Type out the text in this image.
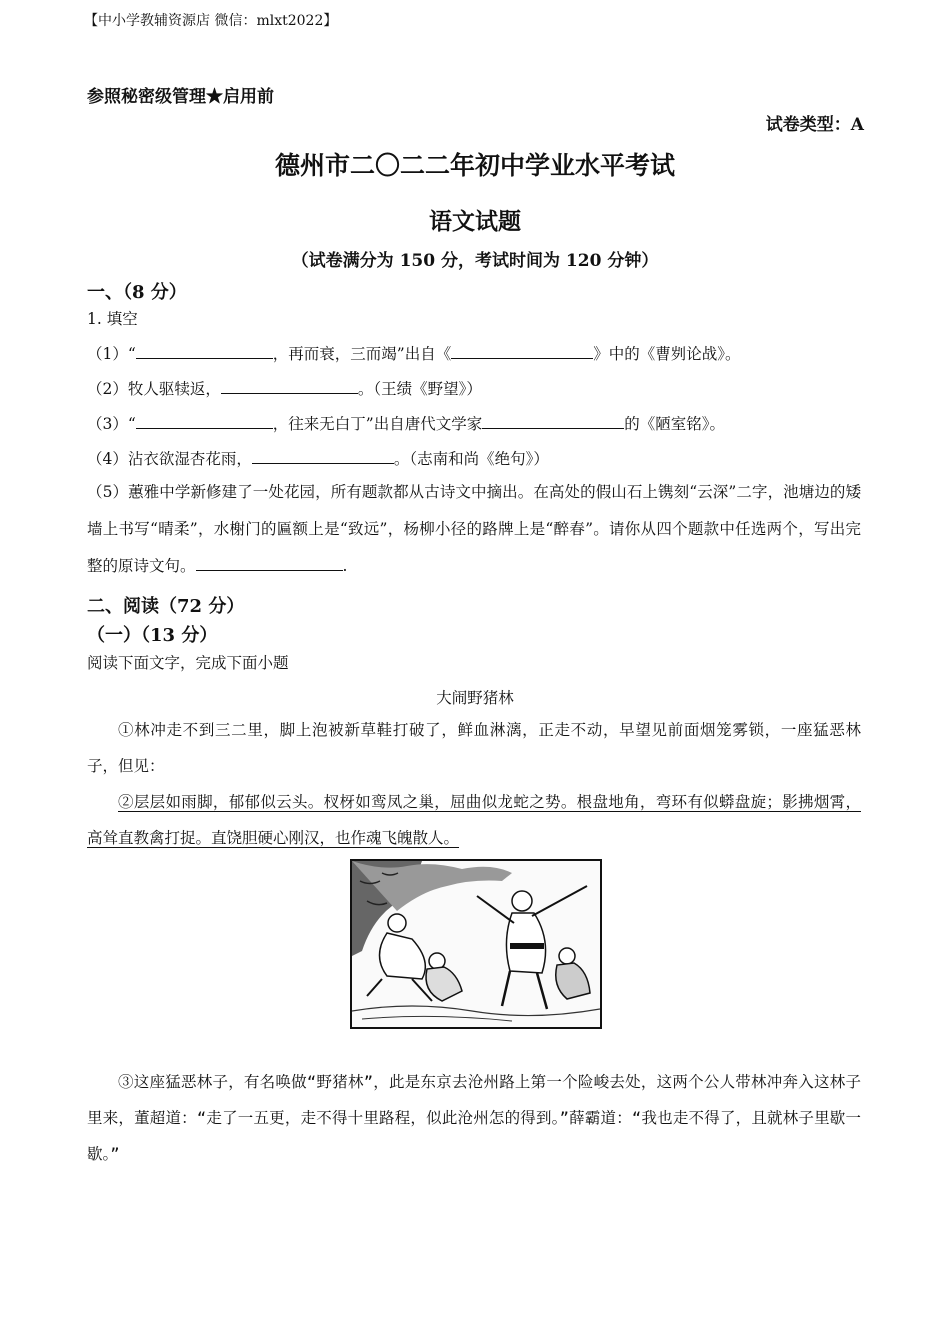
【中小学教辅资源店 微信：mlxt2022】
参照秘密级管理★启用前
试卷类型：A
德州市二〇二二年初中学业水平考试
语文试题
（试卷满分为 150 分，考试时间为 120 分钟）
一、（8 分）
1. 填空
（1）“	，再而衰，三而竭”出自《	》中的《曹刿论战》。
（2）牧人驱犊返，	。（王绩《野望》）
（3）“	，往来无白丁”出自唐代文学家	的《陋室铭》。
（4）沾衣欲湿杏花雨，	。（志南和尚《绝句》）
（5）蕙雅中学新修建了一处花园，所有题款都从古诗文中摘出。在高处的假山石上镌刻“云深”二字，池塘边的矮墙上书写“晴柔”，水榭门的匾额上是“致远”，杨柳小径的路牌上是“醉春”。请你从四个题款中任选两个，写出完整的原诗文句。	.
二、阅读（72 分）
（一）（13 分）
阅读下面文字，完成下面小题
大闹野猪林
①林冲走不到三二里，脚上泡被新草鞋打破了，鲜血淋漓，正走不动，早望见前面烟笼雾锁，一座猛恶林子，但见：
②层层如雨脚，郁郁似云头。杈枒如鸾凤之巢，屈曲似龙蛇之势。根盘地角，弯环有似蟒盘旋；影拂烟霄，高耸直教禽打捉。直饶胆硬心刚汉，也作魂飞魄散人。
③这座猛恶林子，有名唤做“野猪林”，此是东京去沧州路上第一个险峻去处，这两个公人带林冲奔入这林子里来，董超道：“走了一五更，走不得十里路程，似此沧州怎的得到。”薛霸道：“我也走不得了，且就林子里歇一歇。”
